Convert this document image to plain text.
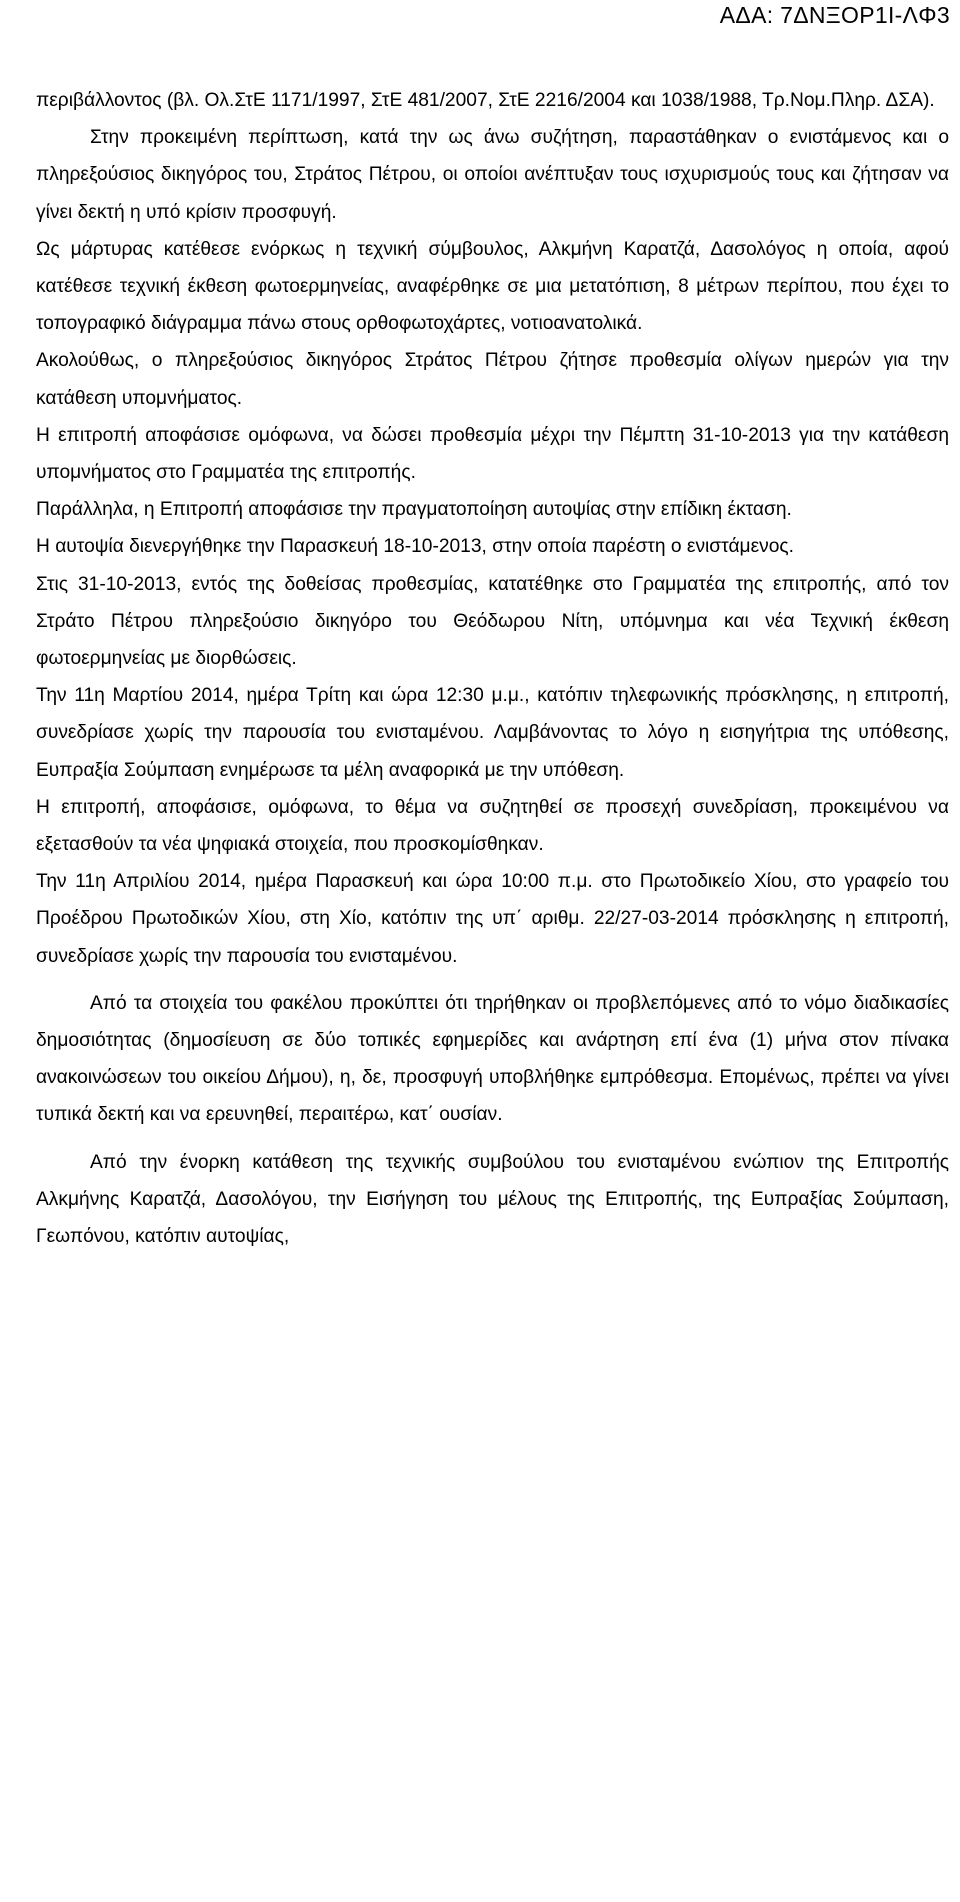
ΑΔΑ: 7ΔΝΞΟΡ1Ι-ΛΦ3

περιβάλλοντος (βλ. Ολ.ΣτΕ 1171/1997, ΣτΕ 481/2007, ΣτΕ 2216/2004 και 1038/1988, Τρ.Νομ.Πληρ. ΔΣΑ).

Στην προκειμένη περίπτωση, κατά την ως άνω συζήτηση, παραστάθηκαν ο ενιστάμενος και ο πληρεξούσιος δικηγόρος του, Στράτος Πέτρου, οι οποίοι ανέπτυξαν τους ισχυρισμούς τους και ζήτησαν να γίνει δεκτή η υπό κρίσιν προσφυγή.

Ως μάρτυρας κατέθεσε ενόρκως η τεχνική σύμβουλος, Αλκμήνη Καρατζά, Δασολόγος η οποία, αφού κατέθεσε τεχνική έκθεση φωτοερμηνείας, αναφέρθηκε σε μια μετατόπιση, 8 μέτρων περίπου, που έχει το τοπογραφικό διάγραμμα πάνω στους ορθοφωτοχάρτες, νοτιοανατολικά.

Ακολούθως, ο πληρεξούσιος δικηγόρος Στράτος Πέτρου ζήτησε προθεσμία ολίγων ημερών για την κατάθεση υπομνήματος.

Η επιτροπή αποφάσισε ομόφωνα, να δώσει προθεσμία μέχρι την Πέμπτη 31-10-2013 για την κατάθεση υπομνήματος στο Γραμματέα της επιτροπής.

Παράλληλα, η Επιτροπή αποφάσισε την πραγματοποίηση αυτοψίας στην επίδικη έκταση.

Η αυτοψία διενεργήθηκε την Παρασκευή 18-10-2013, στην οποία παρέστη ο ενιστάμενος.

Στις 31-10-2013, εντός της δοθείσας προθεσμίας, κατατέθηκε στο Γραμματέα της επιτροπής, από τον Στράτο Πέτρου πληρεξούσιο δικηγόρο του Θεόδωρου Νίτη, υπόμνημα και νέα Τεχνική έκθεση φωτοερμηνείας με διορθώσεις.

Την 11η Μαρτίου 2014, ημέρα Τρίτη και ώρα 12:30 μ.μ., κατόπιν τηλεφωνικής πρόσκλησης, η επιτροπή, συνεδρίασε χωρίς την παρουσία του ενισταμένου. Λαμβάνοντας το λόγο η εισηγήτρια της υπόθεσης, Ευπραξία Σούμπαση ενημέρωσε τα μέλη αναφορικά με την υπόθεση.

Η επιτροπή, αποφάσισε, ομόφωνα, το θέμα να συζητηθεί σε προσεχή συνεδρίαση, προκειμένου να εξετασθούν τα νέα ψηφιακά στοιχεία, που προσκομίσθηκαν.

Την 11η Απριλίου 2014, ημέρα Παρασκευή και ώρα 10:00 π.μ. στο Πρωτοδικείο Χίου, στο γραφείο του Προέδρου Πρωτοδικών Χίου, στη Χίο, κατόπιν της υπ΄ αριθμ. 22/27-03-2014 πρόσκλησης η επιτροπή, συνεδρίασε χωρίς την παρουσία του ενισταμένου.

Από τα στοιχεία του φακέλου προκύπτει ότι τηρήθηκαν οι προβλεπόμενες από το νόμο διαδικασίες δημοσιότητας (δημοσίευση σε δύο τοπικές εφημερίδες και ανάρτηση επί ένα (1) μήνα στον πίνακα ανακοινώσεων του οικείου Δήμου), η, δε, προσφυγή υποβλήθηκε εμπρόθεσμα. Επομένως, πρέπει να γίνει τυπικά δεκτή και να ερευνηθεί, περαιτέρω, κατ΄ ουσίαν.

Από την ένορκη κατάθεση της τεχνικής συμβούλου του ενισταμένου ενώπιον της Επιτροπής Αλκμήνης Καρατζά, Δασολόγου, την Εισήγηση του μέλους της Επιτροπής, της Ευπραξίας Σούμπαση, Γεωπόνου, κατόπιν αυτοψίας,
